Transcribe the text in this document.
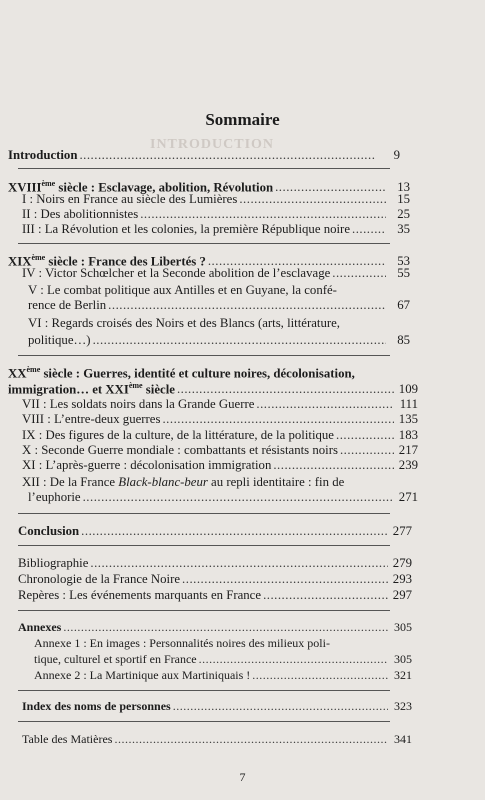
Sommaire
INTRODUCTION
Introduction .....	9
XVIIIème siècle : Esclavage, abolition, Révolution .....	13
I : Noirs en France au siècle des Lumières .....	15
II : Des abolitionnistes .....	25
III : La Révolution et les colonies, la première République noire .....	35
XIXème siècle : France des Libertés ? .....	53
IV : Victor Schœlcher et la Seconde abolition de l’esclavage .....	55
V : Le combat politique aux Antilles et en Guyane, la confé-
rence de Berlin .....	67
VI : Regards croisés des Noirs et des Blancs (arts, littérature,
politique…) .....	85
XXème siècle : Guerres, identité et culture noires, décolonisation,
immigration… et XXIème siècle .....	109
VII : Les soldats noirs dans la Grande Guerre .....	111
VIII : L’entre-deux guerres .....	135
IX : Des figures de la culture, de la littérature, de la politique .....	183
X : Seconde Guerre mondiale : combattants et résistants noirs .....	217
XI : L’après-guerre : décolonisation immigration .....	239
XII : De la France Black-blanc-beur au repli identitaire : fin de
l’euphorie .....	271
Conclusion .....	277
Bibliographie .....	279
Chronologie de la France Noire .....	293
Repères : Les événements marquants en France .....	297
Annexes .....	305
Annexe 1 : En images : Personnalités noires des milieux poli-
tique, culturel et sportif en France .....	305
Annexe 2 : La Martinique aux Martiniquais ! .....	321
Index des noms de personnes .....	323
Table des Matières .....	341
7
